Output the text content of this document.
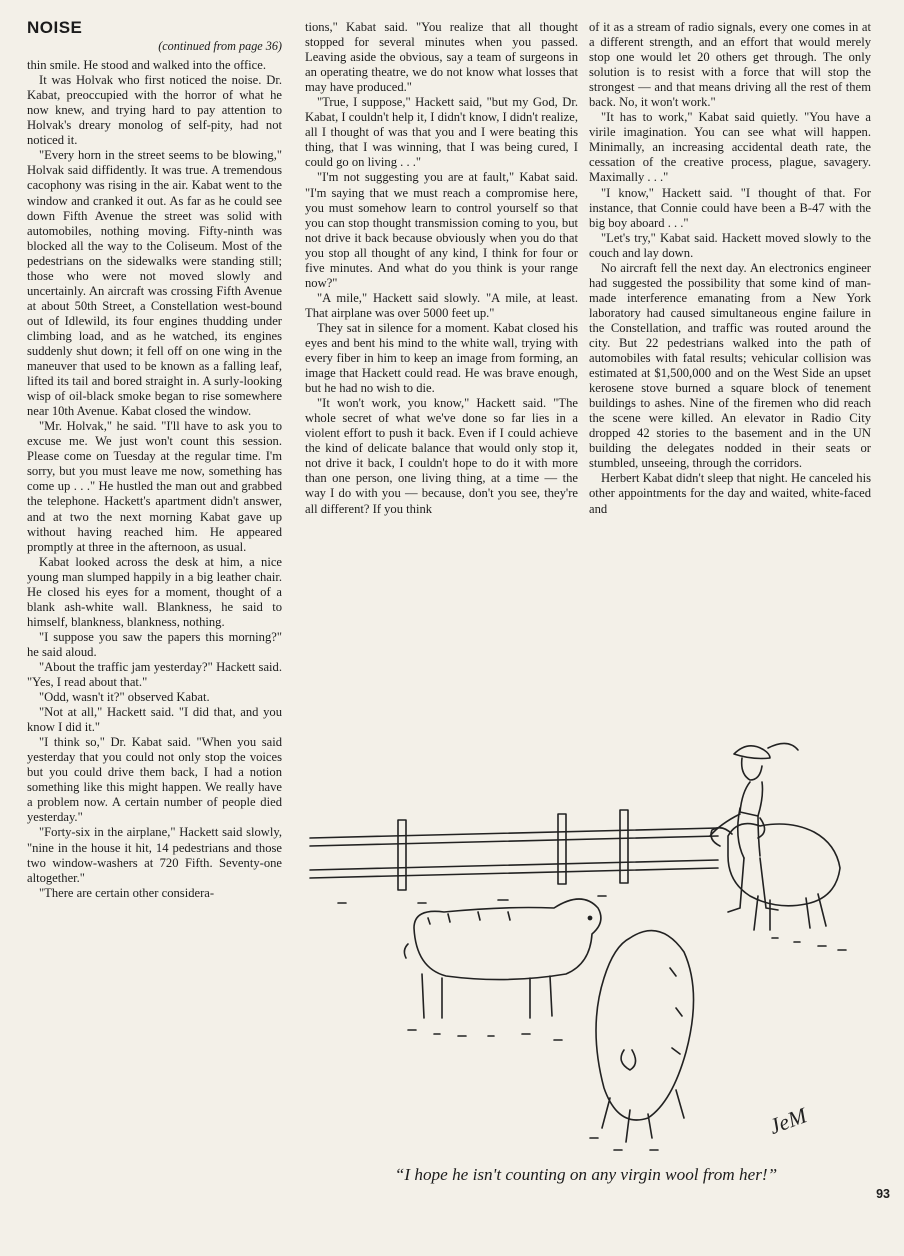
NOISE
(continued from page 36)

thin smile. He stood and walked into the office.

It was Holvak who first noticed the noise. Dr. Kabat, preoccupied with the horror of what he now knew, and trying hard to pay attention to Holvak's dreary monolog of self-pity, had not noticed it.

"Every horn in the street seems to be blowing," Holvak said diffidently. It was true. A tremendous cacophony was rising in the air. Kabat went to the window and cranked it out. As far as he could see down Fifth Avenue the street was solid with automobiles, nothing moving. Fifty-ninth was blocked all the way to the Coliseum. Most of the pedestrians on the sidewalks were standing still; those who were not moved slowly and uncertainly. An aircraft was crossing Fifth Avenue at about 50th Street, a Constellation west-bound out of Idlewild, its four engines thudding under climbing load, and as he watched, its engines suddenly shut down; it fell off on one wing in the maneuver that used to be known as a falling leaf, lifted its tail and bored straight in. A surly-looking wisp of oil-black smoke began to rise somewhere near 10th Avenue. Kabat closed the window.

"Mr. Holvak," he said. "I'll have to ask you to excuse me. We just won't count this session. Please come on Tuesday at the regular time. I'm sorry, but you must leave me now, something has come up . . ." He hustled the man out and grabbed the telephone. Hackett's apartment didn't answer, and at two the next morning Kabat gave up without having reached him. He appeared promptly at three in the afternoon, as usual.

Kabat looked across the desk at him, a nice young man slumped happily in a big leather chair. He closed his eyes for a moment, thought of a blank ash-white wall. Blankness, he said to himself, blankness, blankness, nothing.

"I suppose you saw the papers this morning?" he said aloud.

"About the traffic jam yesterday?" Hackett said. "Yes, I read about that."

"Odd, wasn't it?" observed Kabat.

"Not at all," Hackett said. "I did that, and you know I did it."

"I think so," Dr. Kabat said. "When you said yesterday that you could not only stop the voices but you could drive them back, I had a notion something like this might happen. We really have a problem now. A certain number of people died yesterday."

"Forty-six in the airplane," Hackett said slowly, "nine in the house it hit, 14 pedestrians and those two window-washers at 720 Fifth. Seventy-one altogether."

"There are certain other considera-

tions," Kabat said. "You realize that all thought stopped for several minutes when you passed. Leaving aside the obvious, say a team of surgeons in an operating theatre, we do not know what losses that may have produced."

"True, I suppose," Hackett said, "but my God, Dr. Kabat, I couldn't help it, I didn't know, I didn't realize, all I thought of was that you and I were beating this thing, that I was winning, that I was being cured, I could go on living . . ."

"I'm not suggesting you are at fault," Kabat said. "I'm saying that we must reach a compromise here, you must somehow learn to control yourself so that you can stop thought transmission coming to you, but not drive it back because obviously when you do that you stop all thought of any kind, I think for four or five minutes. And what do you think is your range now?"

"A mile," Hackett said slowly. "A mile, at least. That airplane was over 5000 feet up."

They sat in silence for a moment. Kabat closed his eyes and bent his mind to the white wall, trying with every fiber in him to keep an image from forming, an image that Hackett could read. He was brave enough, but he had no wish to die.

"It won't work, you know," Hackett said. "The whole secret of what we've done so far lies in a violent effort to push it back. Even if I could achieve the kind of delicate balance that would only stop it, not drive it back, I couldn't hope to do it with more than one person, one living thing, at a time — the way I do with you — because, don't you see, they're all different? If you think

of it as a stream of radio signals, every one comes in at a different strength, and an effort that would merely stop one would let 20 others get through. The only solution is to resist with a force that will stop the strongest — and that means driving all the rest of them back. No, it won't work."

"It has to work," Kabat said quietly. "You have a virile imagination. You can see what will happen. Minimally, an increasing accidental death rate, the cessation of the creative process, plague, savagery. Maximally . . ."

"I know," Hackett said. "I thought of that. For instance, that Connie could have been a B-47 with the big boy aboard . . ."

"Let's try," Kabat said. Hackett moved slowly to the couch and lay down.

No aircraft fell the next day. An electronics engineer had suggested the possibility that some kind of man-made interference emanating from a New York laboratory had caused simultaneous engine failure in the Constellation, and traffic was routed around the city. But 22 pedestrians walked into the path of automobiles with fatal results; vehicular collision was estimated at $1,500,000 and on the West Side an upset kerosene stove burned a square block of tenement buildings to ashes. Nine of the firemen who did reach the scene were killed. An elevator in Radio City dropped 42 stories to the basement and in the UN building the delegates nodded in their seats or stumbled, unseeing, through the corridors.

Herbert Kabat didn't sleep that night. He canceled his other appointments for the day and waited, white-faced and

JeM
“I hope he isn't counting on any virgin wool from her!”
93
